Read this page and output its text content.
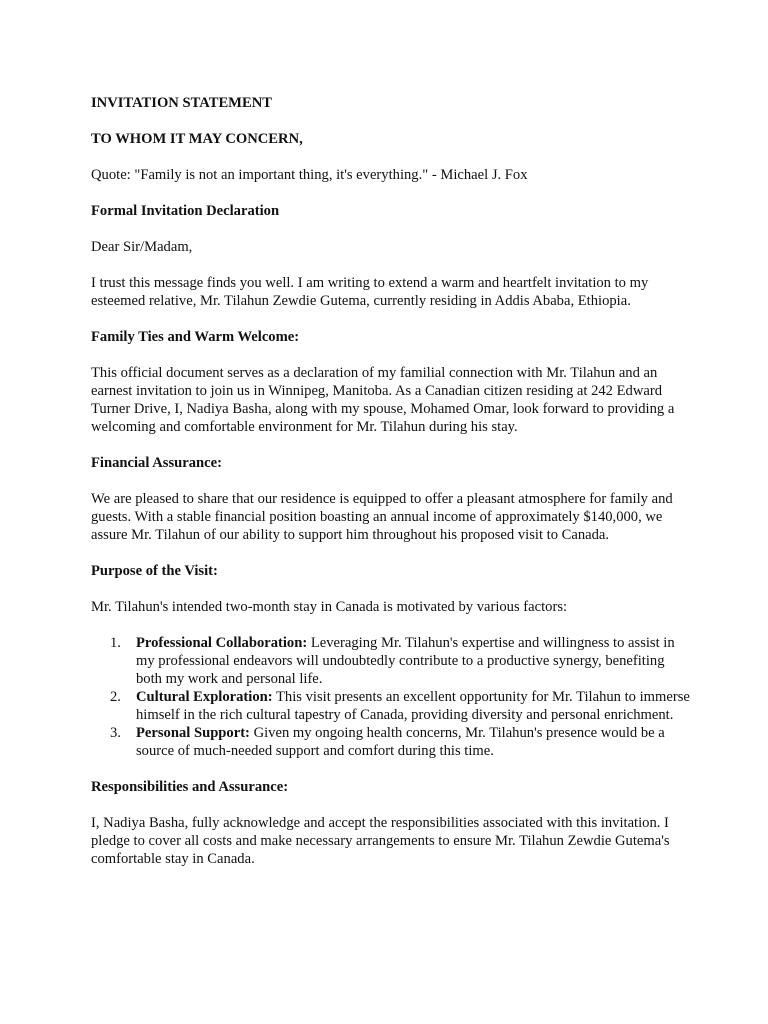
INVITATION STATEMENT

TO WHOM IT MAY CONCERN,

Quote: "Family is not an important thing, it's everything." - Michael J. Fox

Formal Invitation Declaration

Dear Sir/Madam,

I trust this message finds you well. I am writing to extend a warm and heartfelt invitation to my esteemed relative, Mr. Tilahun Zewdie Gutema, currently residing in Addis Ababa, Ethiopia.

Family Ties and Warm Welcome:

This official document serves as a declaration of my familial connection with Mr. Tilahun and an earnest invitation to join us in Winnipeg, Manitoba. As a Canadian citizen residing at 242 Edward Turner Drive, I, Nadiya Basha, along with my spouse, Mohamed Omar, look forward to providing a welcoming and comfortable environment for Mr. Tilahun during his stay.

Financial Assurance:

We are pleased to share that our residence is equipped to offer a pleasant atmosphere for family and guests. With a stable financial position boasting an annual income of approximately $140,000, we assure Mr. Tilahun of our ability to support him throughout his proposed visit to Canada.

Purpose of the Visit:

Mr. Tilahun's intended two-month stay in Canada is motivated by various factors:

1.	Professional Collaboration: Leveraging Mr. Tilahun's expertise and willingness to assist in my professional endeavors will undoubtedly contribute to a productive synergy, benefiting both my work and personal life.
2.	Cultural Exploration: This visit presents an excellent opportunity for Mr. Tilahun to immerse himself in the rich cultural tapestry of Canada, providing diversity and personal enrichment.
3.	Personal Support: Given my ongoing health concerns, Mr. Tilahun's presence would be a source of much-needed support and comfort during this time.

Responsibilities and Assurance:

I, Nadiya Basha, fully acknowledge and accept the responsibilities associated with this invitation. I pledge to cover all costs and make necessary arrangements to ensure Mr. Tilahun Zewdie Gutema's comfortable stay in Canada.
